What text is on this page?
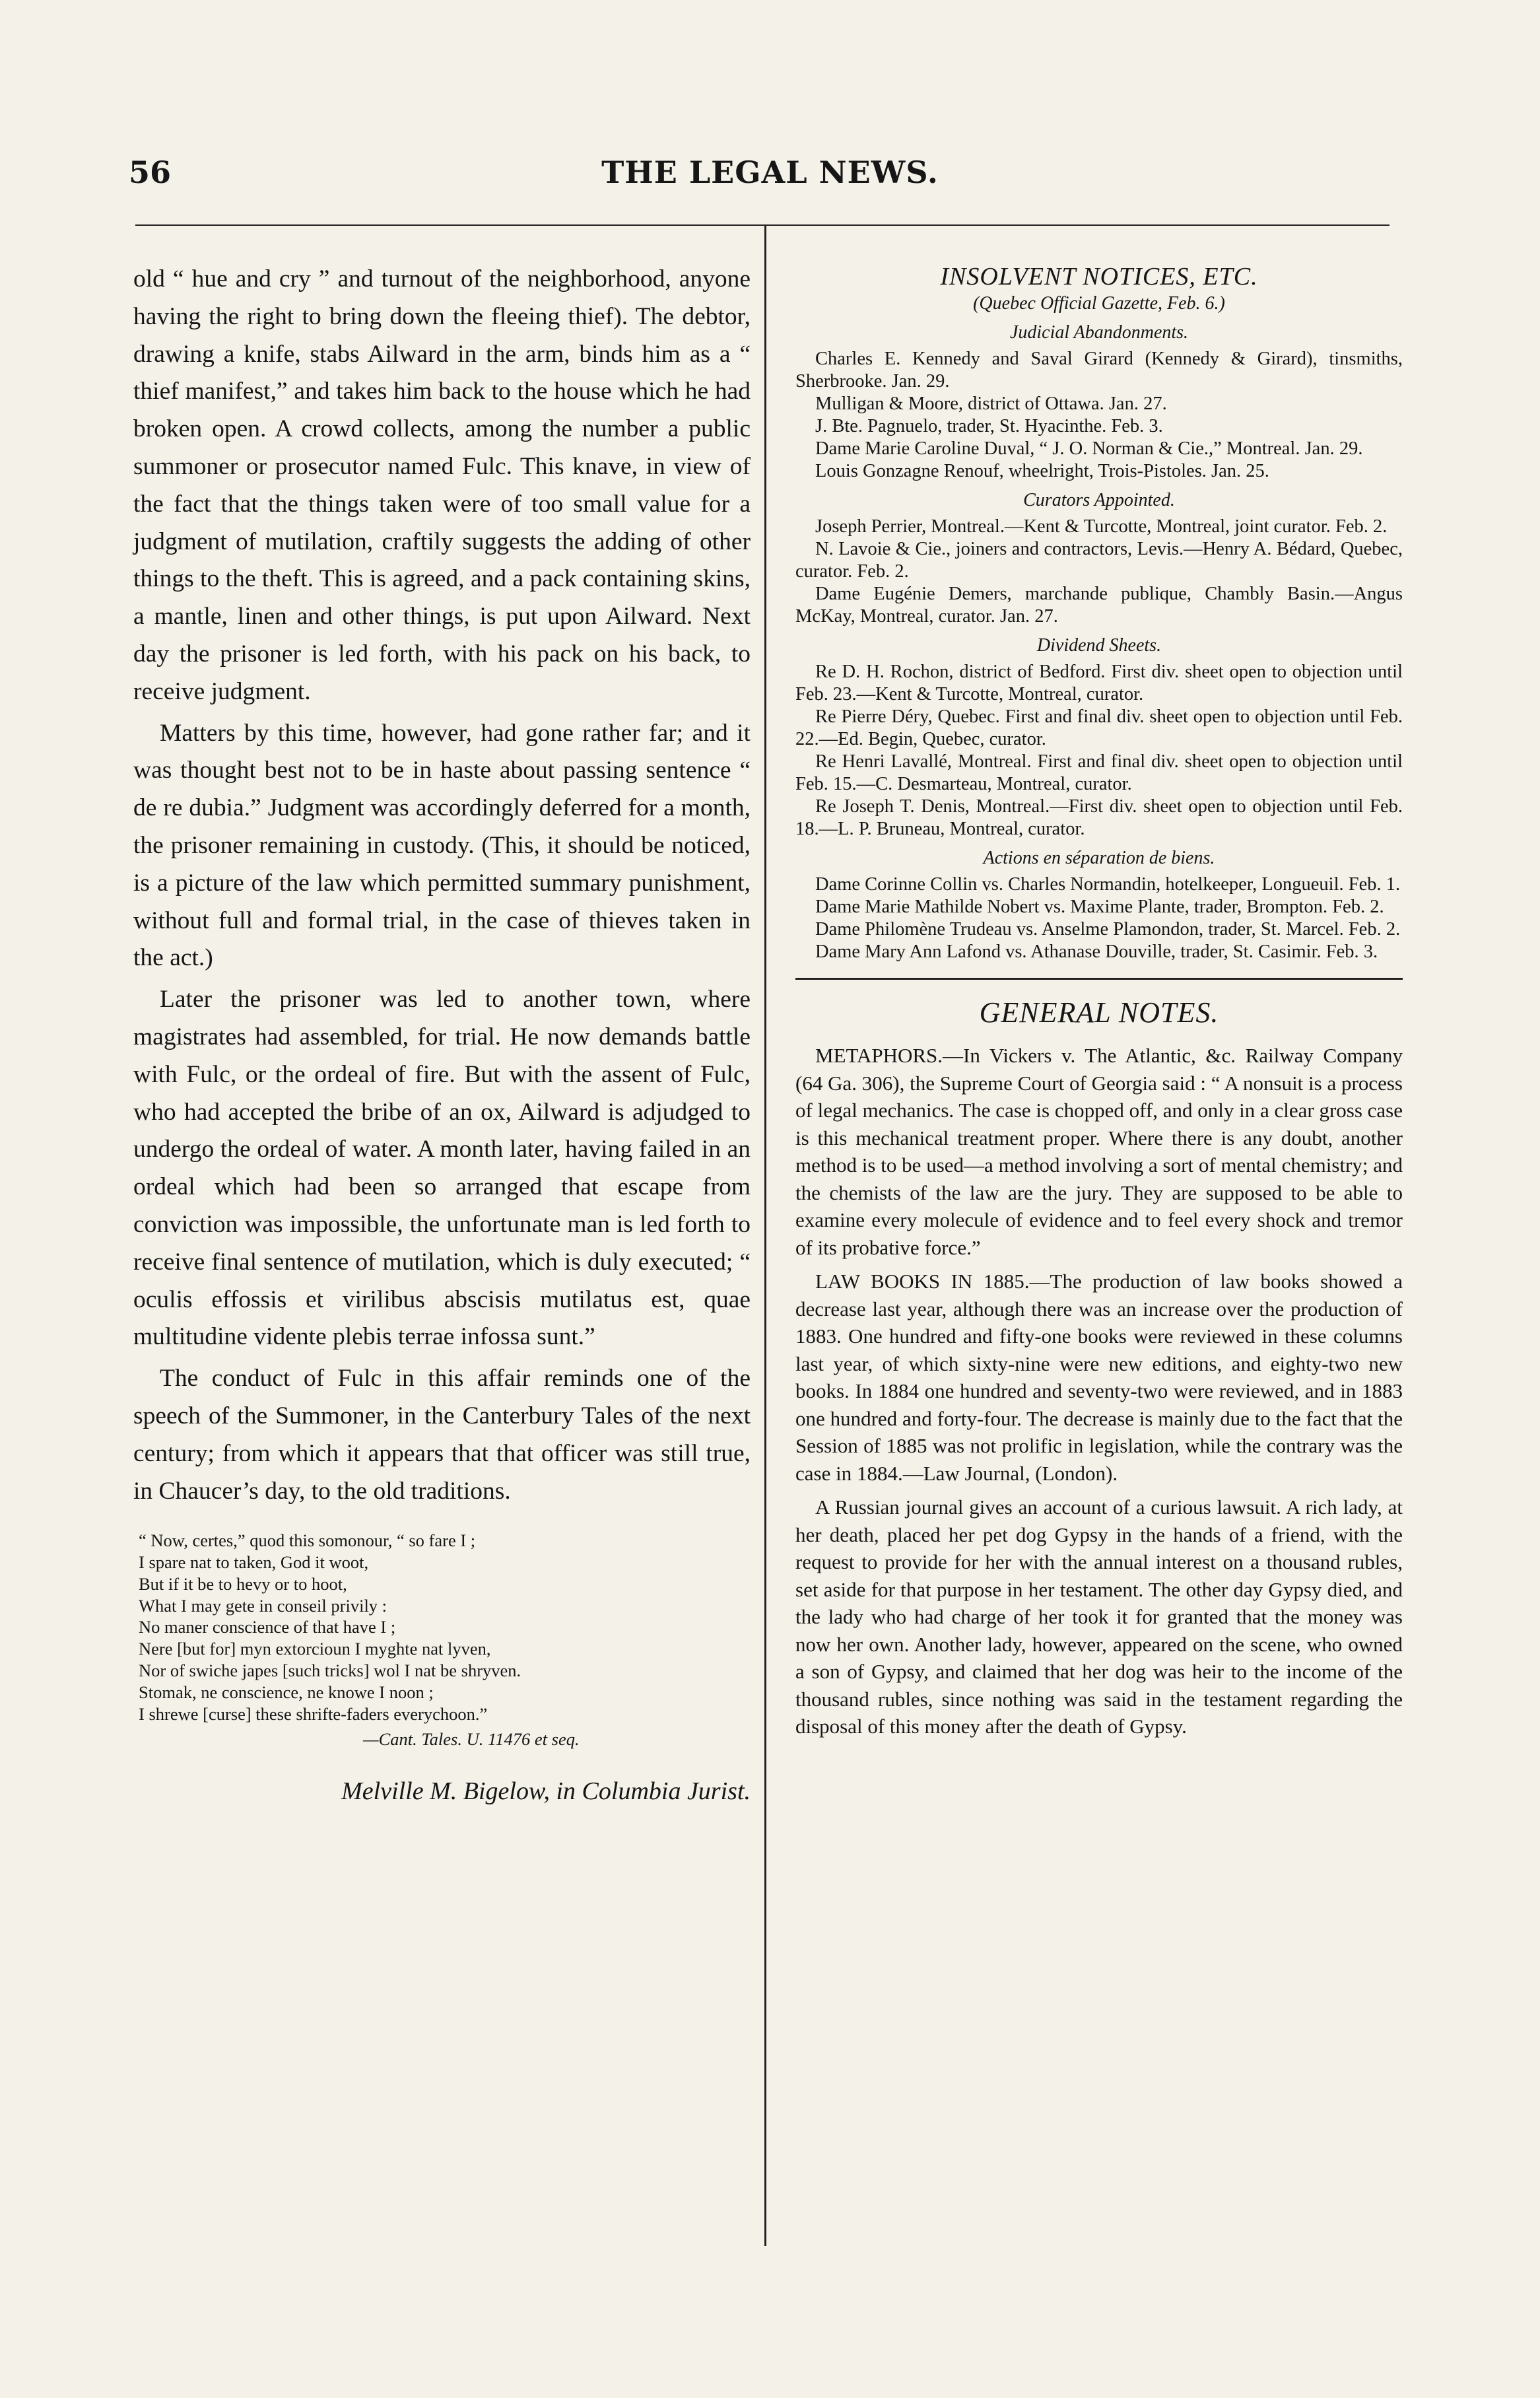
56	THE LEGAL NEWS.

old “ hue and cry ” and turnout of the neighborhood, anyone having the right to bring down the fleeing thief). The debtor, drawing a knife, stabs Ailward in the arm, binds him as a “ thief manifest,” and takes him back to the house which he had broken open. A crowd collects, among the number a public summoner or prosecutor named Fulc. This knave, in view of the fact that the things taken were of too small value for a judgment of mutilation, craftily suggests the adding of other things to the theft. This is agreed, and a pack containing skins, a mantle, linen and other things, is put upon Ailward. Next day the prisoner is led forth, with his pack on his back, to receive judgment.

Matters by this time, however, had gone rather far; and it was thought best not to be in haste about passing sentence “ de re dubia.” Judgment was accordingly deferred for a month, the prisoner remaining in custody. (This, it should be noticed, is a picture of the law which permitted summary punishment, without full and formal trial, in the case of thieves taken in the act.)

Later the prisoner was led to another town, where magistrates had assembled, for trial. He now demands battle with Fulc, or the ordeal of fire. But with the assent of Fulc, who had accepted the bribe of an ox, Ailward is adjudged to undergo the ordeal of water. A month later, having failed in an ordeal which had been so arranged that escape from conviction was impossible, the unfortunate man is led forth to receive final sentence of mutilation, which is duly executed; “ oculis effossis et virilibus abscisis mutilatus est, quae multitudine vidente plebis terrae infossa sunt.”

The conduct of Fulc in this affair reminds one of the speech of the Summoner, in the Canterbury Tales of the next century; from which it appears that that officer was still true, in Chaucer’s day, to the old traditions.

“ Now, certes,” quod this somonour, “ so fare I ;
I spare nat to taken, God it woot,
But if it be to hevy or to hoot,
What I may gete in conseil privily :
No maner conscience of that have I ;
Nere [but for] myn extorcioun I myghte nat lyven,
Nor of swiche japes [such tricks] wol I nat be shryven.
Stomak, ne conscience, ne knowe I noon ;
I shrewe [curse] these shrifte-faders everychoon.”
—Cant. Tales. U. 11476 et seq.
Melville M. Bigelow, in Columbia Jurist.
INSOLVENT NOTICES, ETC.
(Quebec Official Gazette, Feb. 6.)
Judicial Abandonments.

Charles E. Kennedy and Saval Girard (Kennedy & Girard), tinsmiths, Sherbrooke. Jan. 29.

Mulligan & Moore, district of Ottawa. Jan. 27.

J. Bte. Pagnuelo, trader, St. Hyacinthe. Feb. 3.

Dame Marie Caroline Duval, “ J. O. Norman & Cie.,” Montreal. Jan. 29.

Louis Gonzagne Renouf, wheelright, Trois-Pistoles. Jan. 25.

Curators Appointed.

Joseph Perrier, Montreal.—Kent & Turcotte, Montreal, joint curator. Feb. 2.

N. Lavoie & Cie., joiners and contractors, Levis.—Henry A. Bédard, Quebec, curator. Feb. 2.

Dame Eugénie Demers, marchande publique, Chambly Basin.—Angus McKay, Montreal, curator. Jan. 27.

Dividend Sheets.

Re D. H. Rochon, district of Bedford. First div. sheet open to objection until Feb. 23.—Kent & Turcotte, Montreal, curator.

Re Pierre Déry, Quebec. First and final div. sheet open to objection until Feb. 22.—Ed. Begin, Quebec, curator.

Re Henri Lavallé, Montreal. First and final div. sheet open to objection until Feb. 15.—C. Desmarteau, Montreal, curator.

Re Joseph T. Denis, Montreal.—First div. sheet open to objection until Feb. 18.—L. P. Bruneau, Montreal, curator.

Actions en séparation de biens.

Dame Corinne Collin vs. Charles Normandin, hotelkeeper, Longueuil. Feb. 1.

Dame Marie Mathilde Nobert vs. Maxime Plante, trader, Brompton. Feb. 2.

Dame Philomène Trudeau vs. Anselme Plamondon, trader, St. Marcel. Feb. 2.

Dame Mary Ann Lafond vs. Athanase Douville, trader, St. Casimir. Feb. 3.

GENERAL NOTES.

METAPHORS.—In Vickers v. The Atlantic, &c. Railway Company (64 Ga. 306), the Supreme Court of Georgia said : “ A nonsuit is a process of legal mechanics. The case is chopped off, and only in a clear gross case is this mechanical treatment proper. Where there is any doubt, another method is to be used—a method involving a sort of mental chemistry; and the chemists of the law are the jury. They are supposed to be able to examine every molecule of evidence and to feel every shock and tremor of its probative force.”

LAW BOOKS IN 1885.—The production of law books showed a decrease last year, although there was an increase over the production of 1883. One hundred and fifty-one books were reviewed in these columns last year, of which sixty-nine were new editions, and eighty-two new books. In 1884 one hundred and seventy-two were reviewed, and in 1883 one hundred and forty-four. The decrease is mainly due to the fact that the Session of 1885 was not prolific in legislation, while the contrary was the case in 1884.—Law Journal, (London).

A Russian journal gives an account of a curious lawsuit. A rich lady, at her death, placed her pet dog Gypsy in the hands of a friend, with the request to provide for her with the annual interest on a thousand rubles, set aside for that purpose in her testament. The other day Gypsy died, and the lady who had charge of her took it for granted that the money was now her own. Another lady, however, appeared on the scene, who owned a son of Gypsy, and claimed that her dog was heir to the income of the thousand rubles, since nothing was said in the testament regarding the disposal of this money after the death of Gypsy.
